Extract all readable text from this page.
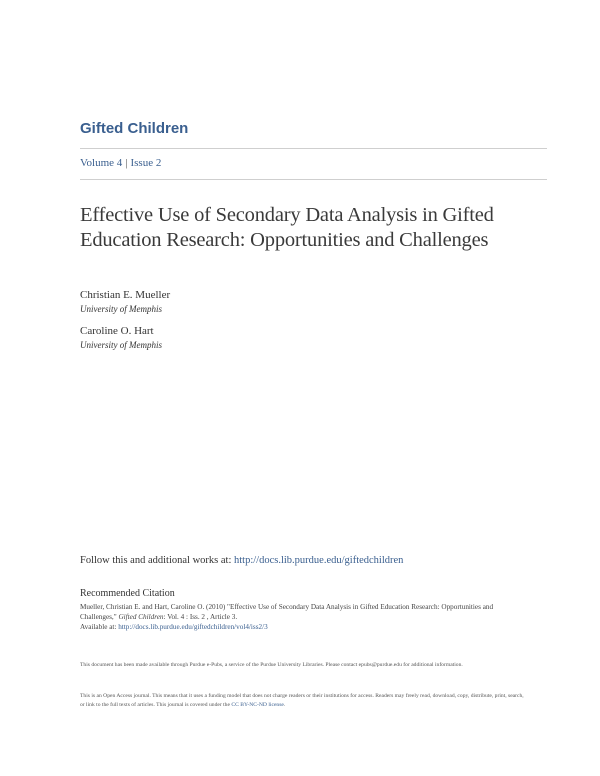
Gifted Children
Volume 4 | Issue 2
Effective Use of Secondary Data Analysis in Gifted Education Research: Opportunities and Challenges
Christian E. Mueller
University of Memphis
Caroline O. Hart
University of Memphis
Follow this and additional works at: http://docs.lib.purdue.edu/giftedchildren
Recommended Citation
Mueller, Christian E. and Hart, Caroline O. (2010) "Effective Use of Secondary Data Analysis in Gifted Education Research: Opportunities and Challenges," Gifted Children: Vol. 4 : Iss. 2 , Article 3.
Available at: http://docs.lib.purdue.edu/giftedchildren/vol4/iss2/3
This document has been made available through Purdue e-Pubs, a service of the Purdue University Libraries. Please contact epubs@purdue.edu for additional information.
This is an Open Access journal. This means that it uses a funding model that does not charge readers or their institutions for access. Readers may freely read, download, copy, distribute, print, search, or link to the full texts of articles. This journal is covered under the CC BY-NC-ND license.
